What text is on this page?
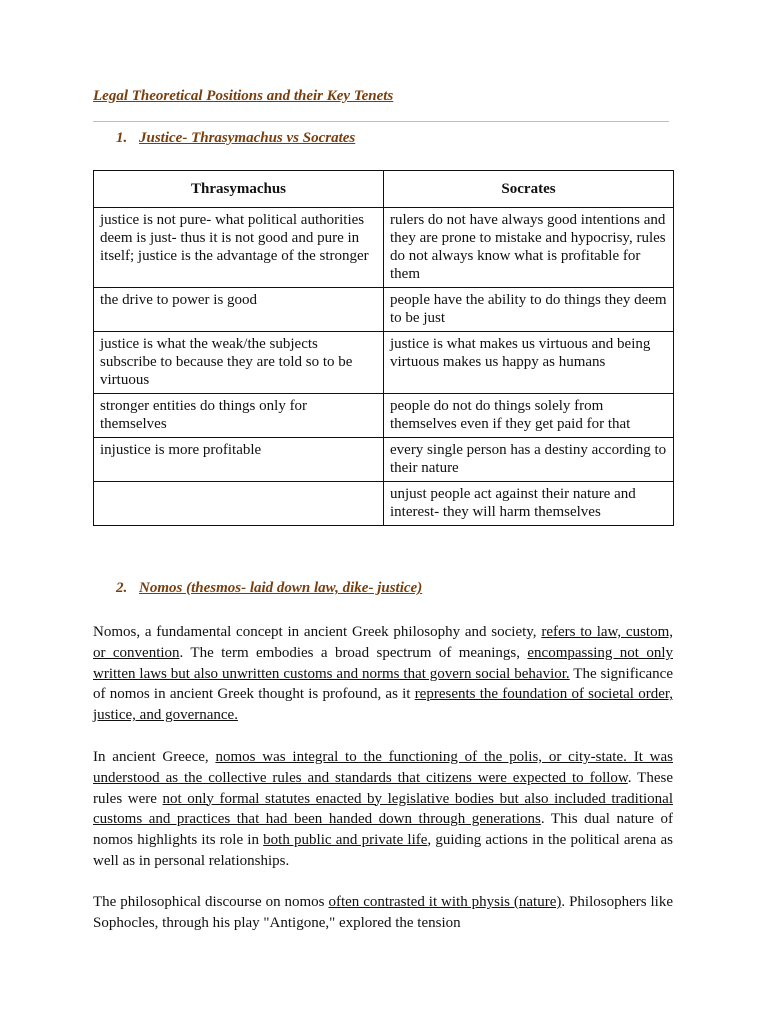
Legal Theoretical Positions and their Key Tenets
1. Justice- Thrasymachus vs Socrates
Thrasymachus	Socrates
justice is not pure- what political authorities deem is just- thus it is not good and pure in itself; justice is the advantage of the stronger	rulers do not have always good intentions and they are prone to mistake and hypocrisy, rules do not always know what is profitable for them
the drive to power is good	people have the ability to do things they deem to be just
justice is what the weak/the subjects subscribe to because they are told so to be virtuous	justice is what makes us virtuous and being virtuous makes us happy as humans
stronger entities do things only for themselves	people do not do things solely from themselves even if they get paid for that
injustice is more profitable	every single person has a destiny according to their nature
	unjust people act against their nature and interest- they will harm themselves
2. Nomos (thesmos- laid down law, dike- justice)

Nomos, a fundamental concept in ancient Greek philosophy and society, refers to law, custom, or convention. The term embodies a broad spectrum of meanings, encompassing not only written laws but also unwritten customs and norms that govern social behavior. The significance of nomos in ancient Greek thought is profound, as it represents the foundation of societal order, justice, and governance.

In ancient Greece, nomos was integral to the functioning of the polis, or city-state. It was understood as the collective rules and standards that citizens were expected to follow. These rules were not only formal statutes enacted by legislative bodies but also included traditional customs and practices that had been handed down through generations. This dual nature of nomos highlights its role in both public and private life, guiding actions in the political arena as well as in personal relationships.

The philosophical discourse on nomos often contrasted it with physis (nature). Philosophers like Sophocles, through his play "Antigone," explored the tension
